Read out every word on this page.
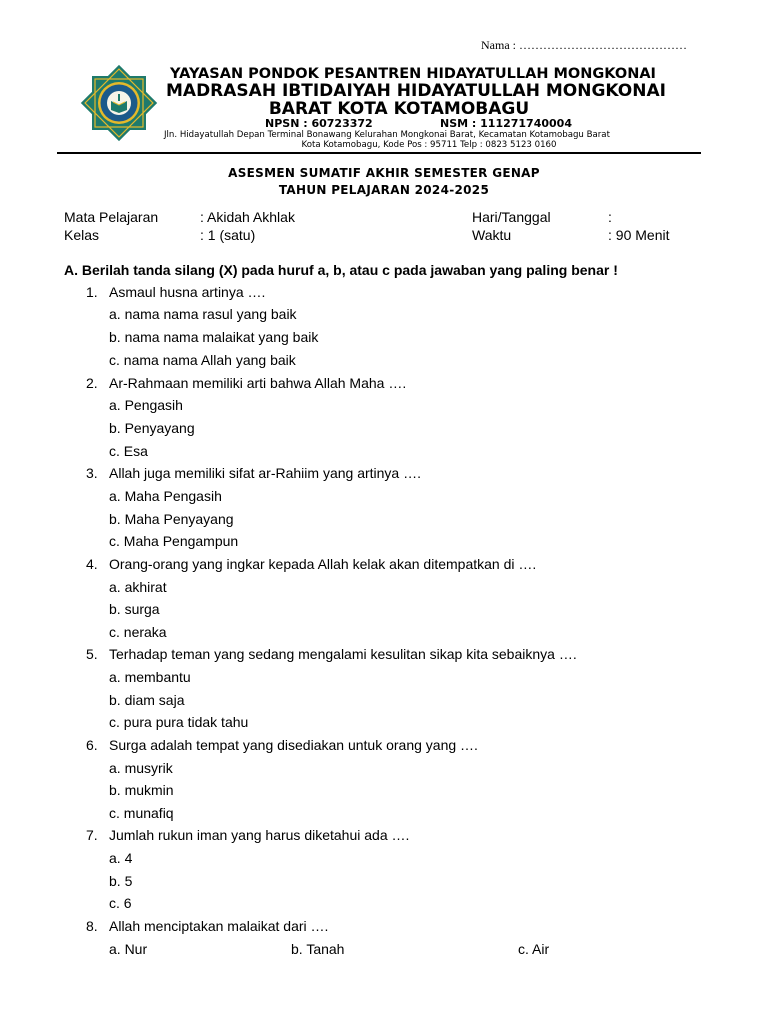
Nama : ……………………………………
YAYASAN PONDOK PESANTREN HIDAYATULLAH MONGKONAI
MADRASAH IBTIDAIYAH HIDAYATULLAH MONGKONAI
BARAT KOTA KOTAMOBAGU
NPSN : 60723372	NSM : 111271740004
Jln. Hidayatullah Depan Terminal Bonawang Kelurahan Mongkonai Barat, Kecamatan Kotamobagu Barat
Kota Kotamobagu, Kode Pos : 95711 Telp : 0823 5123 0160
ASESMEN SUMATIF AKHIR SEMESTER GENAP
TAHUN PELAJARAN 2024-2025
Mata Pelajaran	: Akidah Akhlak	Hari/Tanggal	:
Kelas	: 1 (satu)	Waktu	: 90 Menit
A. Berilah tanda silang (X) pada huruf a, b, atau c pada jawaban yang paling benar !
1. Asmaul husna artinya ….
a. nama nama rasul yang baik
b. nama nama malaikat yang baik
c. nama nama Allah yang baik
2. Ar-Rahmaan memiliki arti bahwa Allah Maha ….
a. Pengasih
b. Penyayang
c. Esa
3. Allah juga memiliki sifat ar-Rahiim yang artinya ….
a. Maha Pengasih
b. Maha Penyayang
c. Maha Pengampun
4. Orang-orang yang ingkar kepada Allah kelak akan ditempatkan di ….
a. akhirat
b. surga
c. neraka
5. Terhadap teman yang sedang mengalami kesulitan sikap kita sebaiknya ….
a. membantu
b. diam saja
c. pura pura tidak tahu
6. Surga adalah tempat yang disediakan untuk orang yang ….
a. musyrik
b. mukmin
c. munafiq
7. Jumlah rukun iman yang harus diketahui ada ….
a. 4
b. 5
c. 6
8. Allah menciptakan malaikat dari ….
a. Nur	b. Tanah	c. Air
